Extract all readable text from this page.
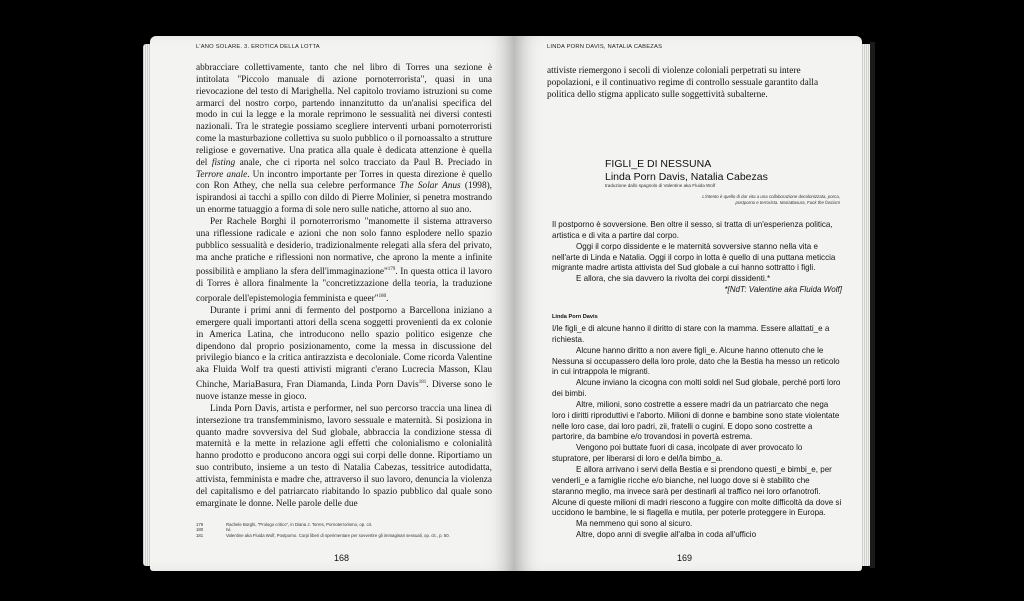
L'ANO SOLARE. 3. EROTICA DELLA LOTTA

abbracciare collettivamente, tanto che nel libro di Torres una sezione è intitolata "Piccolo manuale di azione pornoterrorista", quasi in una rievocazione del testo di Marighella. Nel capitolo troviamo istruzioni su come armarci del nostro corpo, partendo innanzitutto da un'analisi specifica del modo in cui la legge e la morale reprimono le sessualità nei diversi contesti nazionali. Tra le strategie possiamo scegliere interventi urbani pornoterroristi come la masturbazione collettiva su suolo pubblico o il pornoassalto a strutture religiose e governative. Una pratica alla quale è dedicata attenzione è quella del fisting anale, che ci riporta nel solco tracciato da Paul B. Preciado in Terrore anale. Un incontro importante per Torres in questa direzione è quello con Ron Athey, che nella sua celebre performance The Solar Anus (1998), ispirandosi ai tacchi a spillo con dildo di Pierre Molinier, si penetra mostrando un enorme tatuaggio a forma di sole nero sulle natiche, attorno al suo ano.

Per Rachele Borghi il pornoterrorismo "manomette il sistema attraverso una riflessione radicale e azioni che non solo fanno esplodere nello spazio pubblico sessualità e desiderio, tradizionalmente relegati alla sfera del privato, ma anche pratiche e riflessioni non normative, che aprono la mente a infinite possibilità e ampliano la sfera dell'immaginazione"$^{179}$. In questa ottica il lavoro di Torres è allora finalmente la "concretizzazione della teoria, la traduzione corporale dell'epistemologia femminista e queer"$^{180}$.

Durante i primi anni di fermento del postporno a Barcellona iniziano a emergere quali importanti attori della scena soggetti provenienti da ex colonie in America Latina, che introducono nello spazio politico esigenze che dipendono dal proprio posizionamento, come la messa in discussione del privilegio bianco e la critica antirazzista e decoloniale. Come ricorda Valentine aka Fluida Wolf tra questi attivisti migranti c'erano Lucrecia Masson, Klau Chinche, MariaBasura, Fran Diamanda, Linda Porn Davis$^{181}$. Diverse sono le nuove istanze messe in gioco.

Linda Porn Davis, artista e performer, nel suo percorso traccia una linea di intersezione tra transfemminismo, lavoro sessuale e maternità. Si posiziona in quanto madre sovversiva del Sud globale, abbraccia la condizione stessa di maternità e la mette in relazione agli effetti che colonialismo e colonialità hanno prodotto e producono ancora oggi sui corpi delle donne. Riportiamo un suo contributo, insieme a un testo di Natalia Cabezas, tessitrice autodidatta, attivista, femminista e madre che, attraverso il suo lavoro, denuncia la violenza del capitalismo e del patriarcato riabitando lo spazio pubblico dal quale sono emarginate le donne. Nelle parole delle due

179	Rachele Borghi, "Prologo critico", in Diana J. Torres, Pornoterrorismo, op. cit.
180	Ivi.
181	Valentine aka Fluida Wolf, Postporno. Corpi liberi di sperimentare per sovvertire gli immaginari sessuali, op. cit., p. 50.
168
LINDA PORN DAVIS, NATALIA CABEZAS

attiviste riemergono i secoli di violenze coloniali perpetrati su intere popolazioni, e il continuativo regime di controllo sessuale garantito dalla politica dello stigma applicato sulle soggettività subalterne.

FIGLI_E DI NESSUNA
Linda Porn Davis, Natalia Cabezas
traduzione dallo spagnolo di Valentine aka Fluida Wolf
L'intento è quello di dar vita a una collaborazione decolonizzata, porca, postporno e terrorista. MariaBasura, Fuck the fascism

Il postporno è sovversione. Ben oltre il sesso, si tratta di un'esperienza politica, artistica e di vita a partire dal corpo.

Oggi il corpo dissidente e le maternità sovversive stanno nella vita e nell'arte di Linda e Natalia. Oggi il corpo in lotta è quello di una puttana meticcia migrante madre artista attivista del Sud globale a cui hanno sottratto i figli.

E allora, che sia davvero la rivolta dei corpi dissidenti.*

*[NdT: Valentine aka Fluida Wolf]

Linda Porn Davis

I/le figli_e di alcune hanno il diritto di stare con la mamma. Essere allattati_e a richiesta.

Alcune hanno diritto a non avere figli_e. Alcune hanno ottenuto che le Nessuna si occupassero della loro prole, dato che la Bestia ha messo un reticolo in cui intrappola le migranti.

Alcune inviano la cicogna con molti soldi nel Sud globale, perché porti loro dei bimbi.

Altre, milioni, sono costrette a essere madri da un patriarcato che nega loro i diritti riproduttivi e l'aborto. Milioni di donne e bambine sono state violentate nelle loro case, dai loro padri, zii, fratelli o cugini. E dopo sono costrette a partorire, da bambine e/o trovandosi in povertà estrema.

Vengono poi buttate fuori di casa, incolpate di aver provocato lo stupratore, per liberarsi di loro e del/la bimbo_a.

E allora arrivano i servi della Bestia e si prendono questi_e bimbi_e, per venderli_e a famiglie ricche e/o bianche, nel luogo dove si è stabilito che staranno meglio, ma invece sarà per destinarli al traffico nei loro orfanotrofi. Alcune di queste milioni di madri riescono a fuggire con molte difficoltà da dove si uccidono le bambine, le si flagella e mutila, per poterle proteggere in Europa.

Ma nemmeno qui sono al sicuro.

Altre, dopo anni di sveglie all'alba in coda all'ufficio

169
